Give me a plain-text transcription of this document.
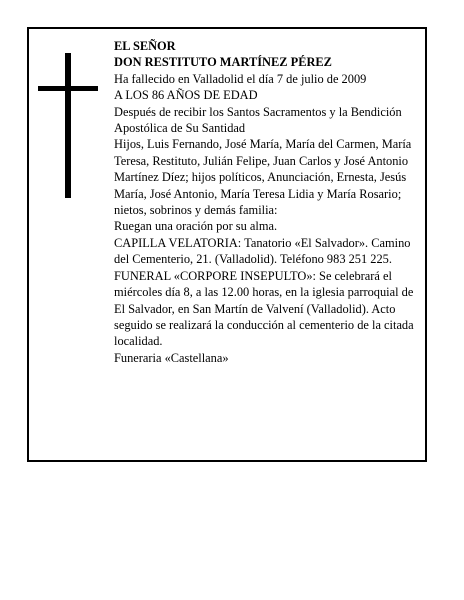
EL SEÑOR

DON RESTITUTO MARTÍNEZ PÉREZ

Ha fallecido en Valladolid el día 7 de julio de 2009

A LOS 86 AÑOS DE EDAD

Después de recibir los Santos Sacramentos y la Bendición Apostólica de Su Santidad

Hijos, Luis Fernando, José María, María del Carmen, María Teresa, Restituto, Julián Felipe, Juan Carlos y José Antonio Martínez Díez; hijos políticos, Anunciación, Ernesta, Jesús María, José Antonio, María Teresa Lidia y María Rosario; nietos, sobrinos y demás familia:

Ruegan una oración por su alma.

CAPILLA VELATORIA: Tanatorio «El Salvador». Camino del Cementerio, 21. (Valladolid). Teléfono 983 251 225.

FUNERAL «CORPORE INSEPULTO»: Se celebrará el miércoles día 8, a las 12.00 horas, en la iglesia parroquial de El Salvador, en San Martín de Valvení (Valladolid). Acto seguido se realizará la conducción al cementerio de la citada localidad.

Funeraria «Castellana»
